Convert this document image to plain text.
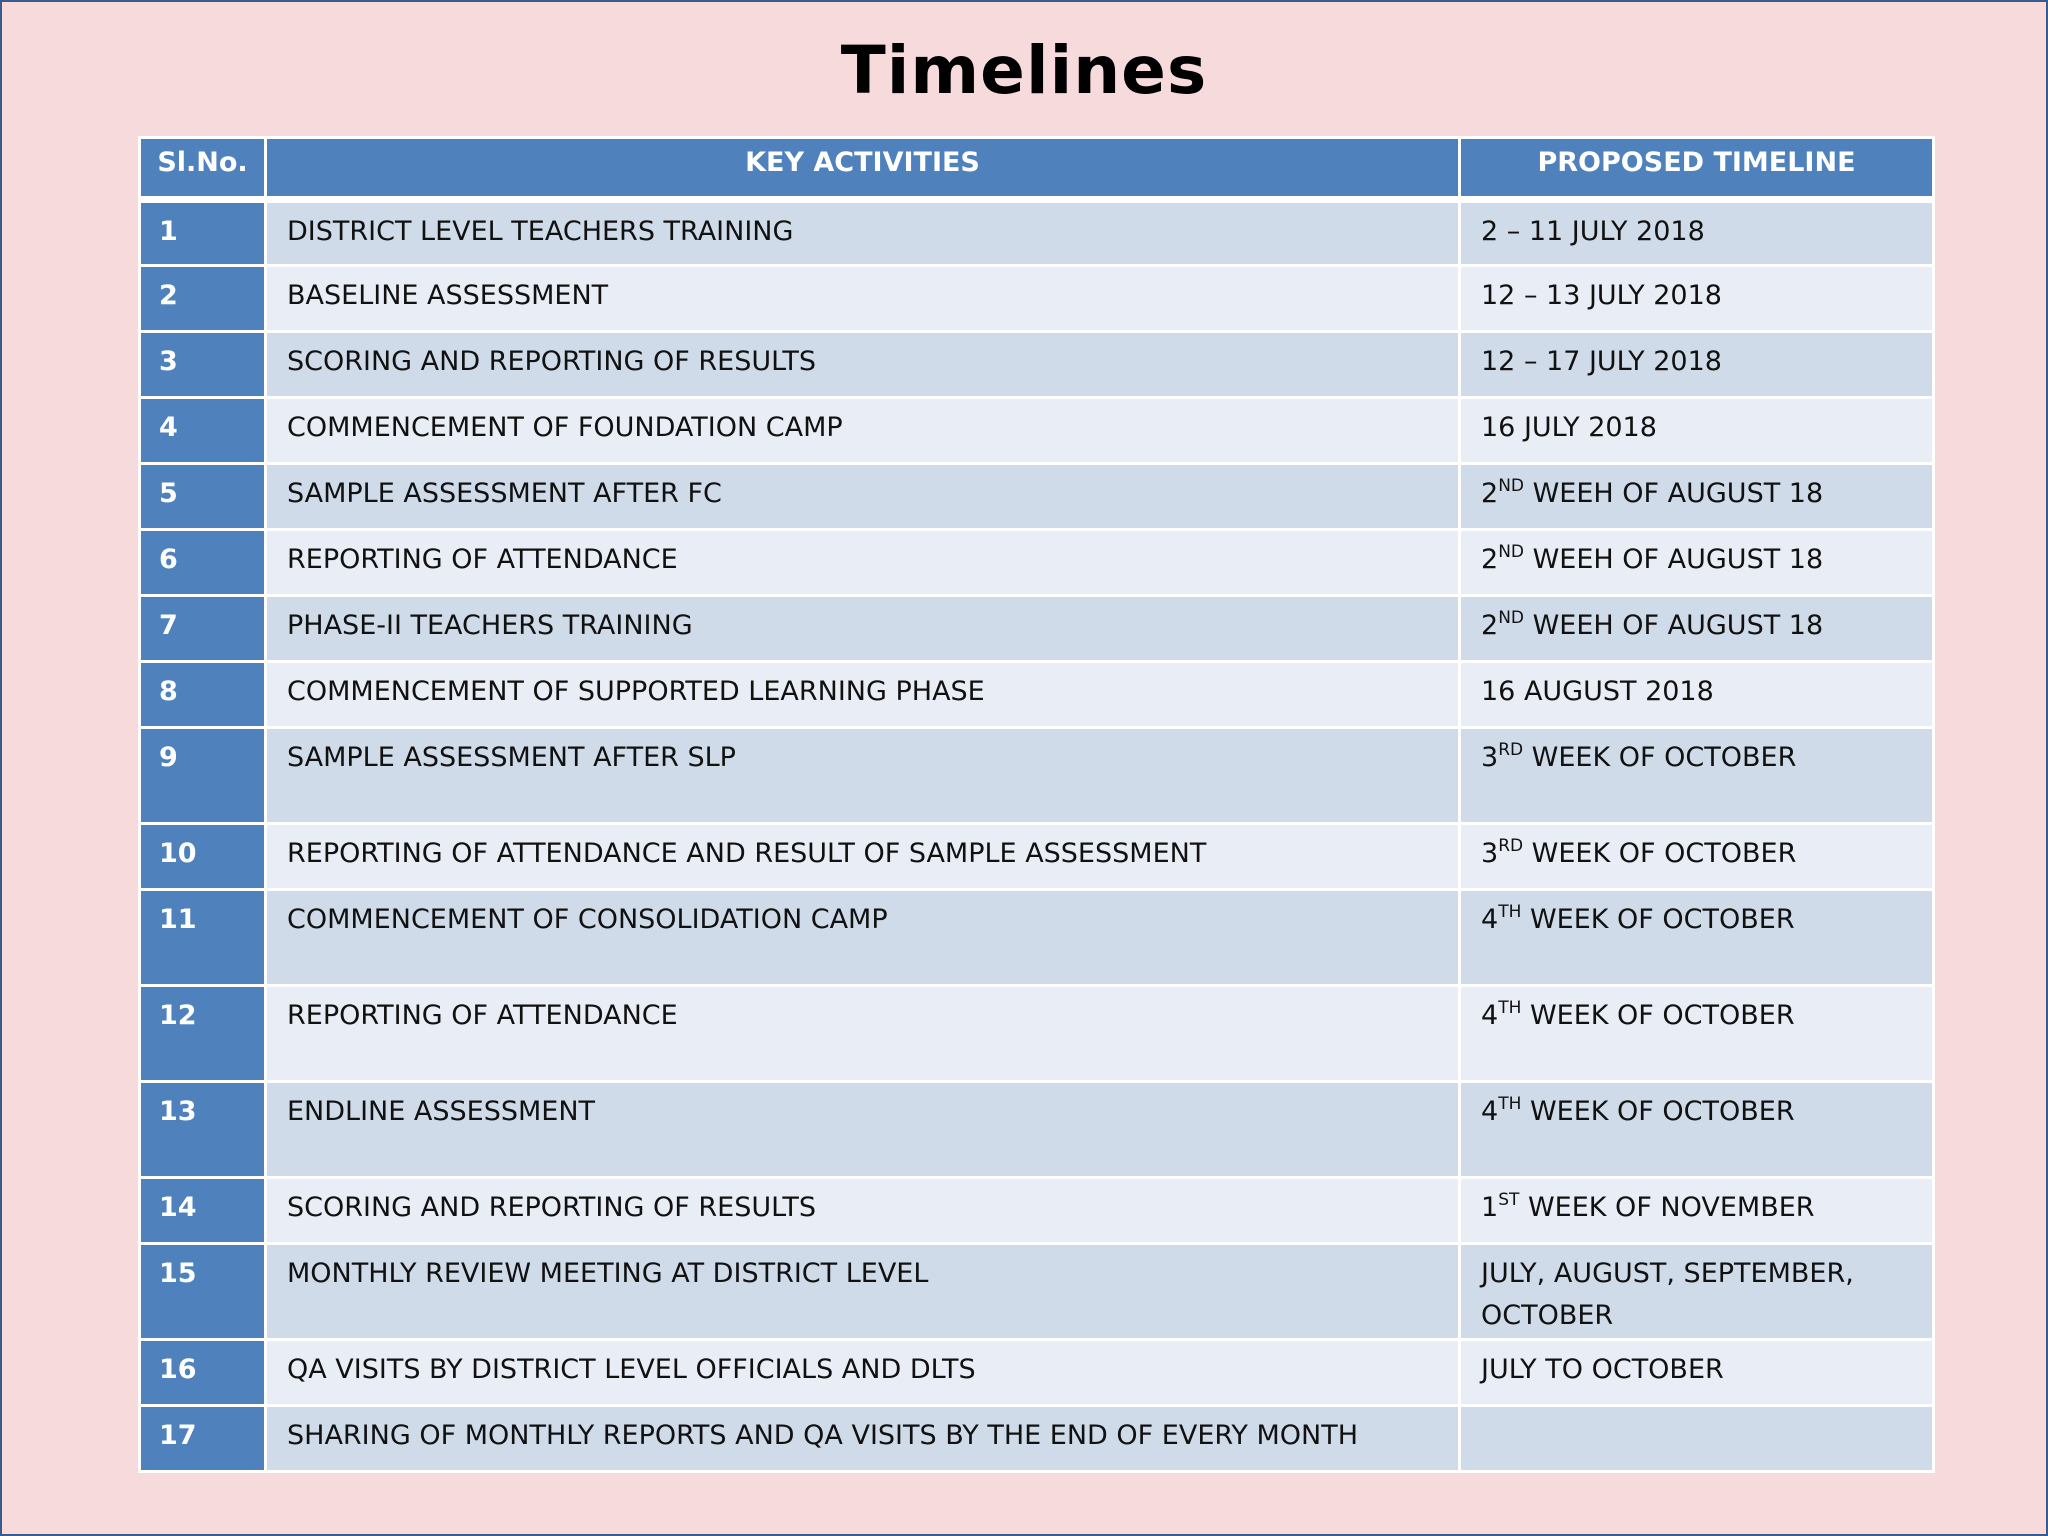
Timelines
Sl.No.	KEY ACTIVITIES	PROPOSED TIMELINE
1	DISTRICT LEVEL TEACHERS TRAINING	2 – 11 JULY 2018
2	BASELINE ASSESSMENT	12 – 13 JULY 2018
3	SCORING AND REPORTING OF RESULTS	12 – 17 JULY 2018
4	COMMENCEMENT OF FOUNDATION CAMP	16 JULY 2018
5	SAMPLE ASSESSMENT AFTER FC	2ND WEEH OF AUGUST 18
6	REPORTING OF ATTENDANCE	2ND WEEH OF AUGUST 18
7	PHASE-II TEACHERS TRAINING	2ND WEEH OF AUGUST 18
8	COMMENCEMENT OF SUPPORTED LEARNING PHASE	16 AUGUST 2018
9	SAMPLE ASSESSMENT AFTER SLP	3RD WEEK OF OCTOBER
10	REPORTING OF ATTENDANCE AND RESULT OF SAMPLE ASSESSMENT	3RD WEEK OF OCTOBER
11	COMMENCEMENT OF CONSOLIDATION CAMP	4TH WEEK OF OCTOBER
12	REPORTING OF ATTENDANCE	4TH WEEK OF OCTOBER
13	ENDLINE ASSESSMENT	4TH WEEK OF OCTOBER
14	SCORING AND REPORTING OF RESULTS	1ST WEEK OF NOVEMBER
15	MONTHLY REVIEW MEETING AT DISTRICT LEVEL	JULY, AUGUST, SEPTEMBER, OCTOBER
16	QA VISITS BY DISTRICT LEVEL OFFICIALS AND DLTS	JULY TO OCTOBER
17	SHARING OF MONTHLY REPORTS AND QA VISITS BY THE END OF EVERY MONTH	
